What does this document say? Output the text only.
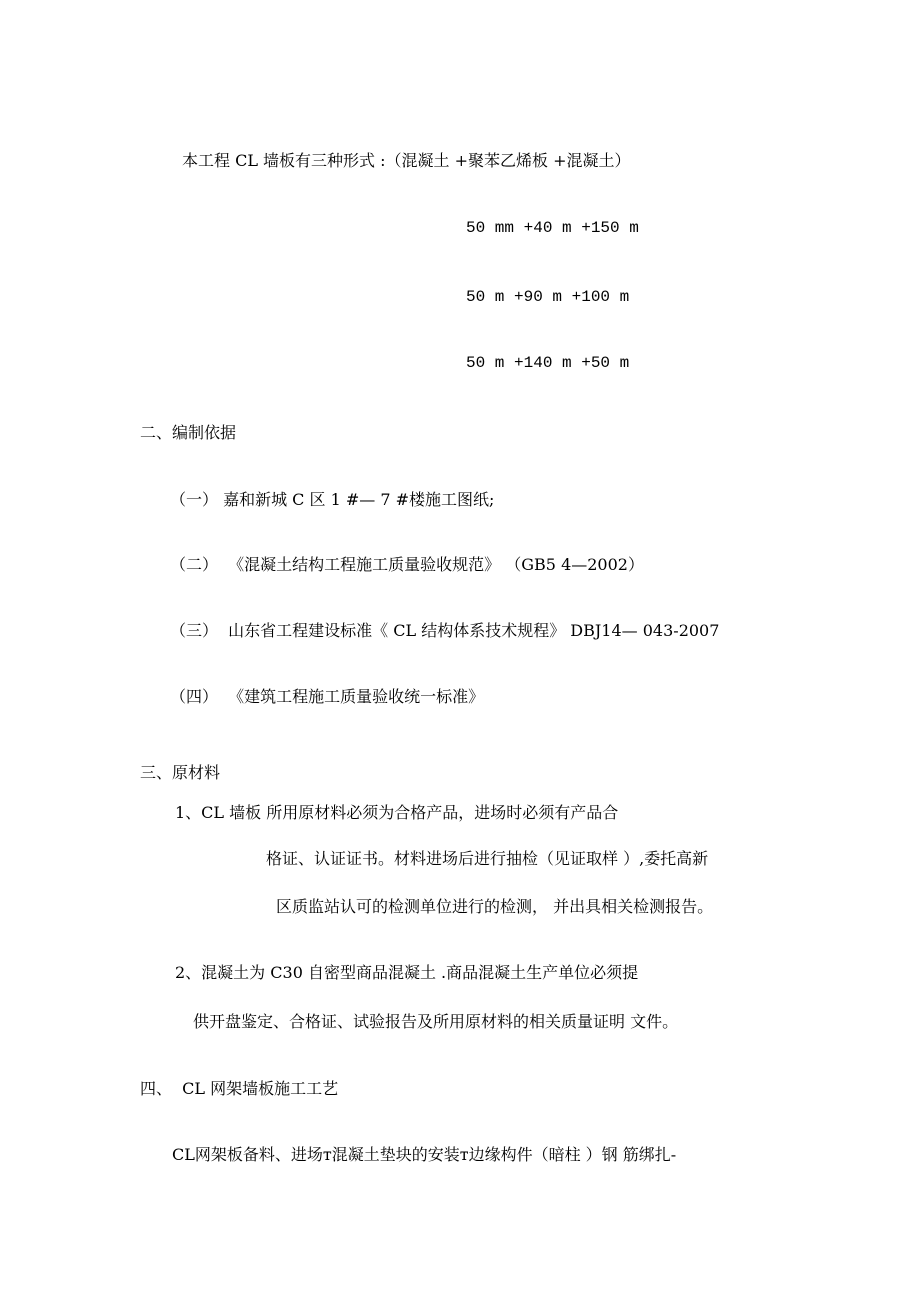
本工程 CL 墙板有三种形式 :（混凝土 +聚苯乙烯板 +混凝土）

50 mm +40 m +150 m

50 m +90 m +100 m

50 m +140 m +50 m

二、编制依据

（一） 嘉和新城 C 区 1 #— 7 #楼施工图纸;

（二）  《混凝土结构工程施工质量验收规范》 （GB5 4—2002）

（三）  山东省工程建设标准《 CL 结构体系技术规程》 DBJ14— 043-2007

（四）  《建筑工程施工质量验收统一标准》

三、原材料

1、CL 墙板 所用原材料必须为合格产品，进场时必须有产品合

格证、认证证书。材料进场后进行抽检（见证取样 ）,委托高新

区质监站认可的检测单位进行的检测， 并出具相关检测报告。

2、混凝土为 C30 自密型商品混凝土 .商品混凝土生产单位必须提

供开盘鉴定、合格证、试验报告及所用原材料的相关质量证明 文件。

四、  CL 网架墙板施工工艺

CL网架板备料、进场т混凝土垫块的安装т边缘构件（暗柱 ）钢 筋绑扎-
